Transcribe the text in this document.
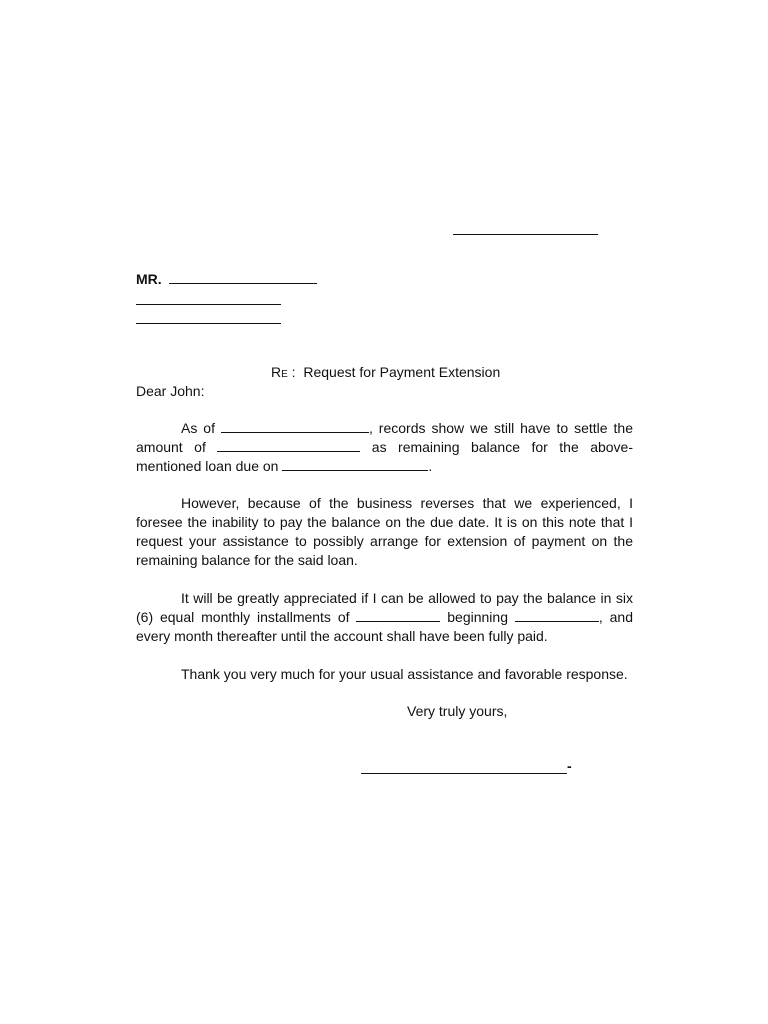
MR.
RE :  Request for Payment Extension
Dear John:
As of	, records show we still have to settle the amount of	as remaining balance for the above-mentioned loan due on	.
However, because of the business reverses that we experienced, I foresee the inability to pay the balance on the due date. It is on this note that I request your assistance to possibly arrange for extension of payment on the remaining balance for the said loan.
It will be greatly appreciated if I can be allowed to pay the balance in six (6) equal monthly installments of	beginning	, and every month thereafter until the account shall have been fully paid.
Thank you very much for your usual assistance and favorable response.
Very truly yours,
-
